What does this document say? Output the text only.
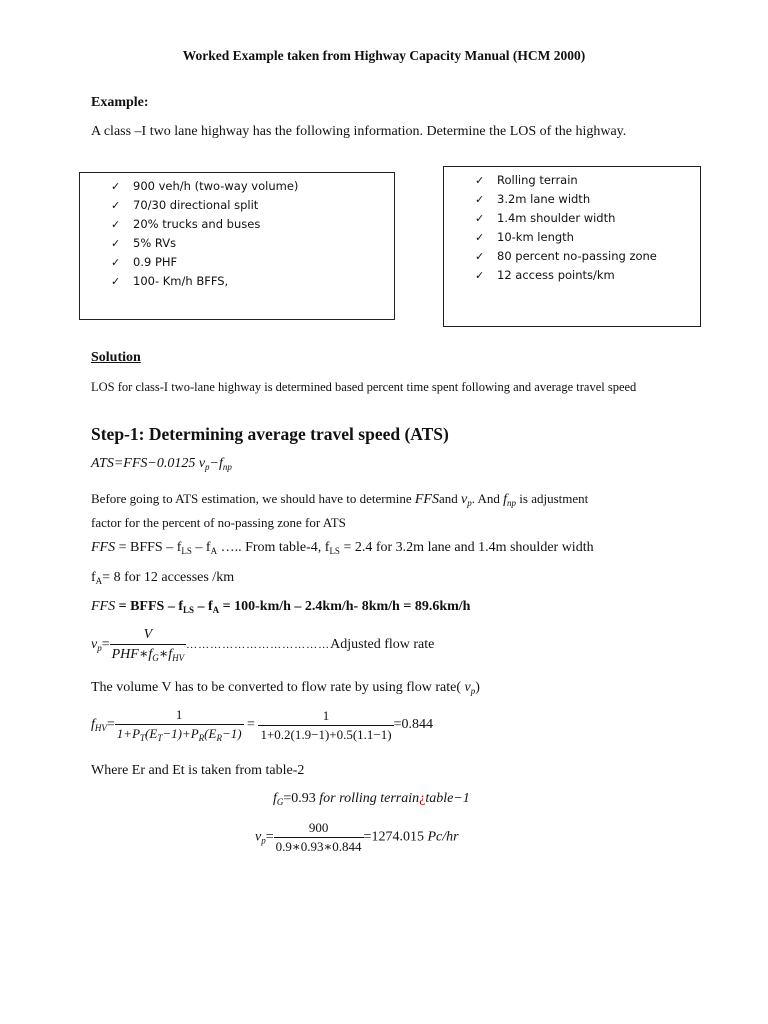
Worked Example taken from Highway Capacity Manual (HCM 2000)
Example:
A class –I two lane highway has the following information. Determine the LOS of the highway.
✓ 900 veh/h (two-way volume)
✓ 70/30 directional split
✓ 20% trucks and buses
✓ 5% RVs
✓ 0.9 PHF
✓ 100- Km/h BFFS,
✓ Rolling terrain
✓ 3.2m lane width
✓ 1.4m shoulder width
✓ 10-km length
✓ 80 percent no-passing zone
✓ 12 access points/km
Solution
LOS for class-I two-lane highway is determined based percent time spent following and average travel speed
Step-1: Determining average travel speed (ATS)
ATS=FFS−0.0125 $v_p-f_{np}$
Before going to ATS estimation, we should have to determine FFSand $v_p$. And $f_{np}$ is adjustment
factor for the percent of no-passing zone for ATS
FFS = BFFS – $f_{LS} - f_A$ ….. From table-4, $f_{LS} = 2.4$ for 3.2m lane and 1.4m shoulder width
$f_A= 8$ for 12 accesses /km
FFS = BFFS – $f_{LS} - f_A = 100-km/h - 2.4km/h-$ 8km/h = 89.6km/h
$v_p= \frac{V}{PHF∗f_G∗f_{HV}}$ ………………………………Adjusted flow rate
The volume V has to be converted to flow rate by using flow rate( $v_p$)
$f_{HV}= \frac{1}{1+P_T(E_T-1)+P_R(E_R-1)} = \frac{1}{1+0.2(1.9-1)+0.5(1.1-1)} =0.844$
Where Er and Et is taken from table-2
$f_G=0.93$ for rolling terrain¿table−1
$v_p= \frac{900}{0.9∗0.93∗0.844} =1274.015$ Pc/hr
